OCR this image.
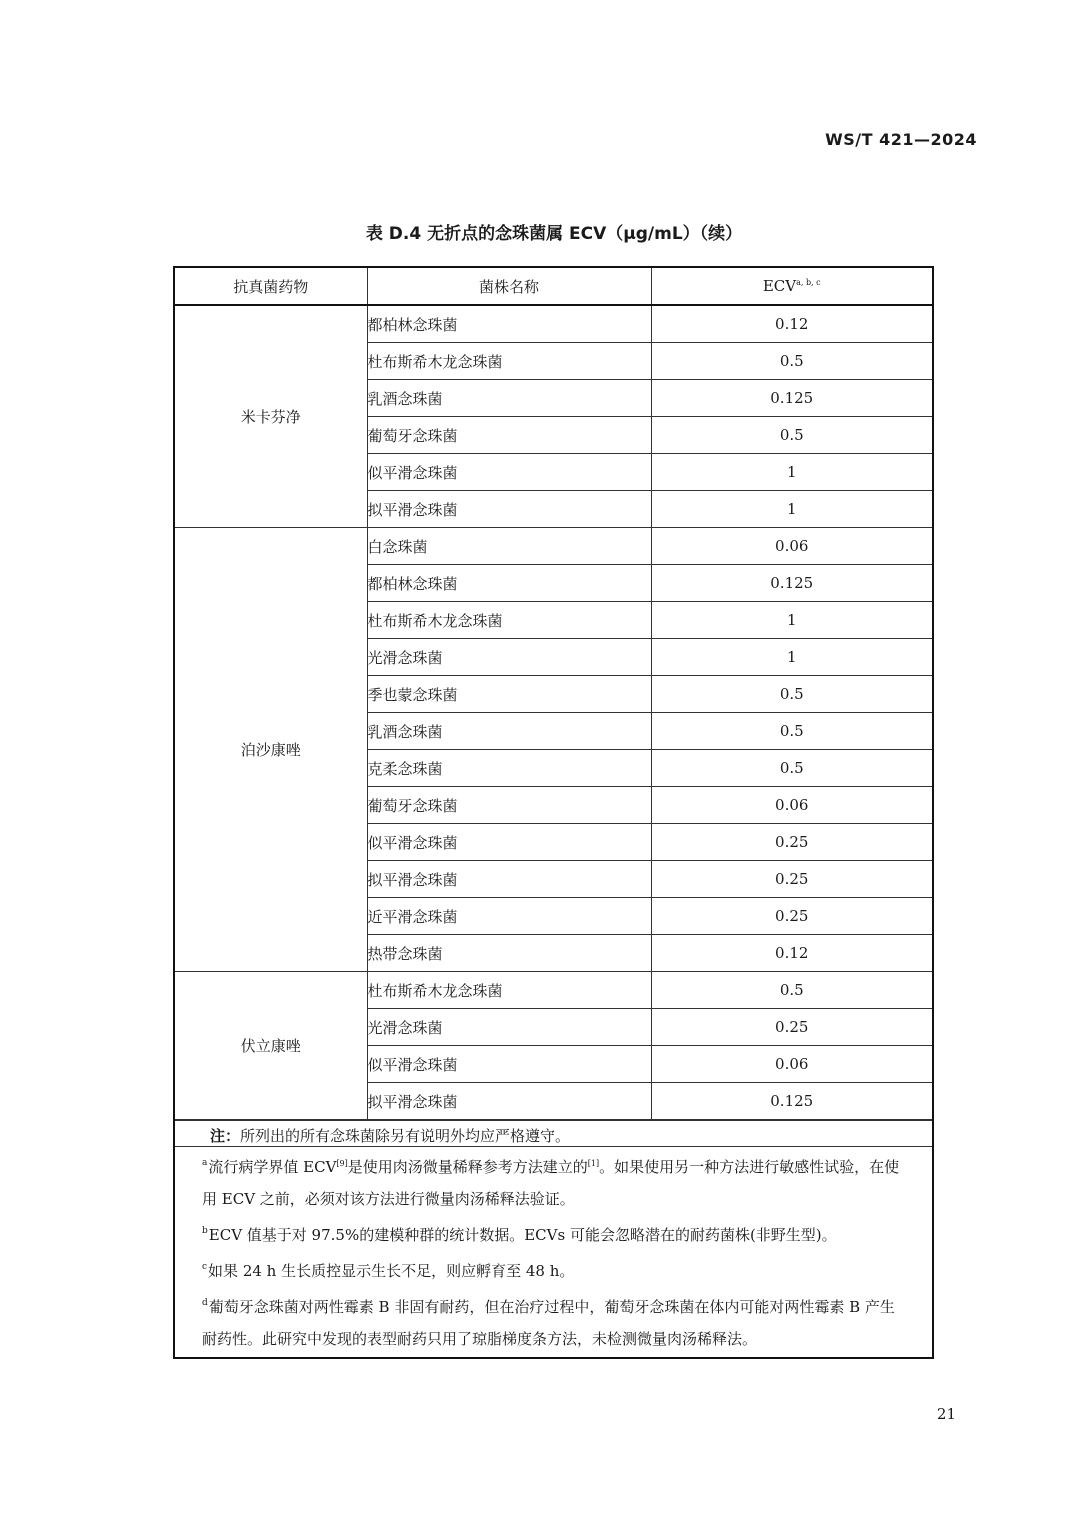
WS/T 421—2024
表 D.4 无折点的念珠菌属 ECV（μg/mL）（续）
抗真菌药物	菌株名称	ECV$^{a, b, c}$
米卡芬净	都柏林念珠菌	0.12
	杜布斯希木龙念珠菌	0.5
	乳酒念珠菌	0.125
	葡萄牙念珠菌	0.5
	似平滑念珠菌	1
	拟平滑念珠菌	1
泊沙康唑	白念珠菌	0.06
	都柏林念珠菌	0.125
	杜布斯希木龙念珠菌	1
	光滑念珠菌	1
	季也蒙念珠菌	0.5
	乳酒念珠菌	0.5
	克柔念珠菌	0.5
	葡萄牙念珠菌	0.06
	似平滑念珠菌	0.25
	拟平滑念珠菌	0.25
	近平滑念珠菌	0.25
	热带念珠菌	0.12
伏立康唑	杜布斯希木龙念珠菌	0.5
	光滑念珠菌	0.25
	似平滑念珠菌	0.06
	拟平滑念珠菌	0.125
注：所列出的所有念珠菌除另有说明外均应严格遵守。
$^a$流行病学界值 ECV[9]是使用肉汤微量稀释参考方法建立的[1]。如果使用另一种方法进行敏感性试验，在使
用 ECV 之前，必须对该方法进行微量肉汤稀释法验证。
$^b$ECV 值基于对 97.5%的建模种群的统计数据。ECVs 可能会忽略潜在的耐药菌株(非野生型)。
$^c$如果 24 h 生长质控显示生长不足，则应孵育至 48 h。
$^d$葡萄牙念珠菌对两性霉素 B 非固有耐药，但在治疗过程中，葡萄牙念珠菌在体内可能对两性霉素 B 产生
耐药性。此研究中发现的表型耐药只用了琼脂梯度条方法，未检测微量肉汤稀释法。
21
